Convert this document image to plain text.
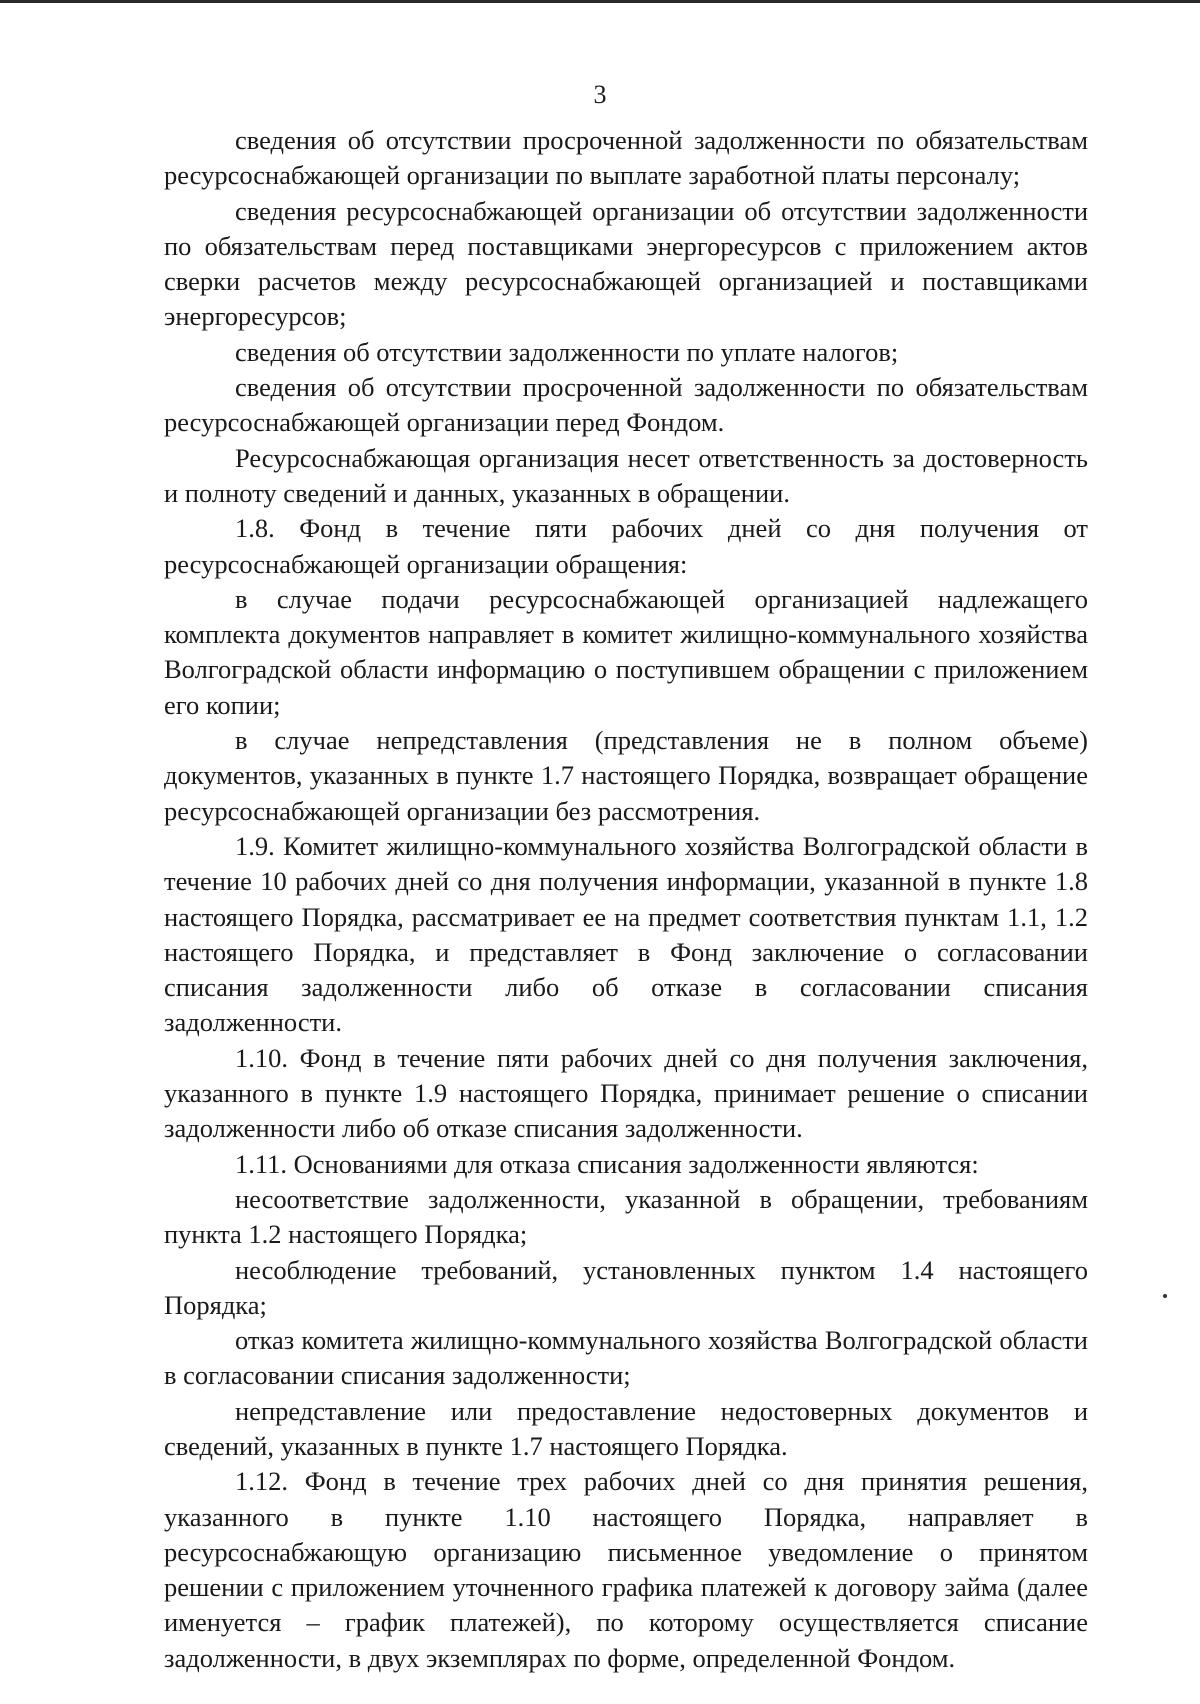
3

сведения об отсутствии просроченной задолженности по обязательствам ресурсоснабжающей организации по выплате заработной платы персоналу;

сведения ресурсоснабжающей организации об отсутствии задолженности по обязательствам перед поставщиками энергоресурсов с приложением актов сверки расчетов между ресурсоснабжающей организацией и поставщиками энергоресурсов;

сведения об отсутствии задолженности по уплате налогов;

сведения об отсутствии просроченной задолженности по обязательствам ресурсоснабжающей организации перед Фондом.

Ресурсоснабжающая организация несет ответственность за достоверность и полноту сведений и данных, указанных в обращении.

1.8. Фонд в течение пяти рабочих дней со дня получения от ресурсоснабжающей организации обращения:

в случае подачи ресурсоснабжающей организацией надлежащего комплекта документов направляет в комитет жилищно-коммунального хозяйства Волгоградской области информацию о поступившем обращении с приложением его копии;

в случае непредставления (представления не в полном объеме) документов, указанных в пункте 1.7 настоящего Порядка, возвращает обращение ресурсоснабжающей организации без рассмотрения.

1.9. Комитет жилищно-коммунального хозяйства Волгоградской области в течение 10 рабочих дней со дня получения информации, указанной в пункте 1.8 настоящего Порядка, рассматривает ее на предмет соответствия пунктам 1.1, 1.2 настоящего Порядка, и представляет в Фонд заключение о согласовании списания задолженности либо об отказе в согласовании списания задолженности.

1.10. Фонд в течение пяти рабочих дней со дня получения заключения, указанного в пункте 1.9 настоящего Порядка, принимает решение о списании задолженности либо об отказе списания задолженности.

1.11. Основаниями для отказа списания задолженности являются:

несоответствие задолженности, указанной в обращении, требованиям пункта 1.2 настоящего Порядка;

несоблюдение требований, установленных пунктом 1.4 настоящего Порядка;

отказ комитета жилищно-коммунального хозяйства Волгоградской области в согласовании списания задолженности;

непредставление или предоставление недостоверных документов и сведений, указанных в пункте 1.7 настоящего Порядка.

1.12. Фонд в течение трех рабочих дней со дня принятия решения, указанного в пункте 1.10 настоящего Порядка, направляет в ресурсоснабжающую организацию письменное уведомление о принятом решении с приложением уточненного графика платежей к договору займа (далее именуется – график платежей), по которому осуществляется списание задолженности, в двух экземплярах по форме, определенной Фондом.
